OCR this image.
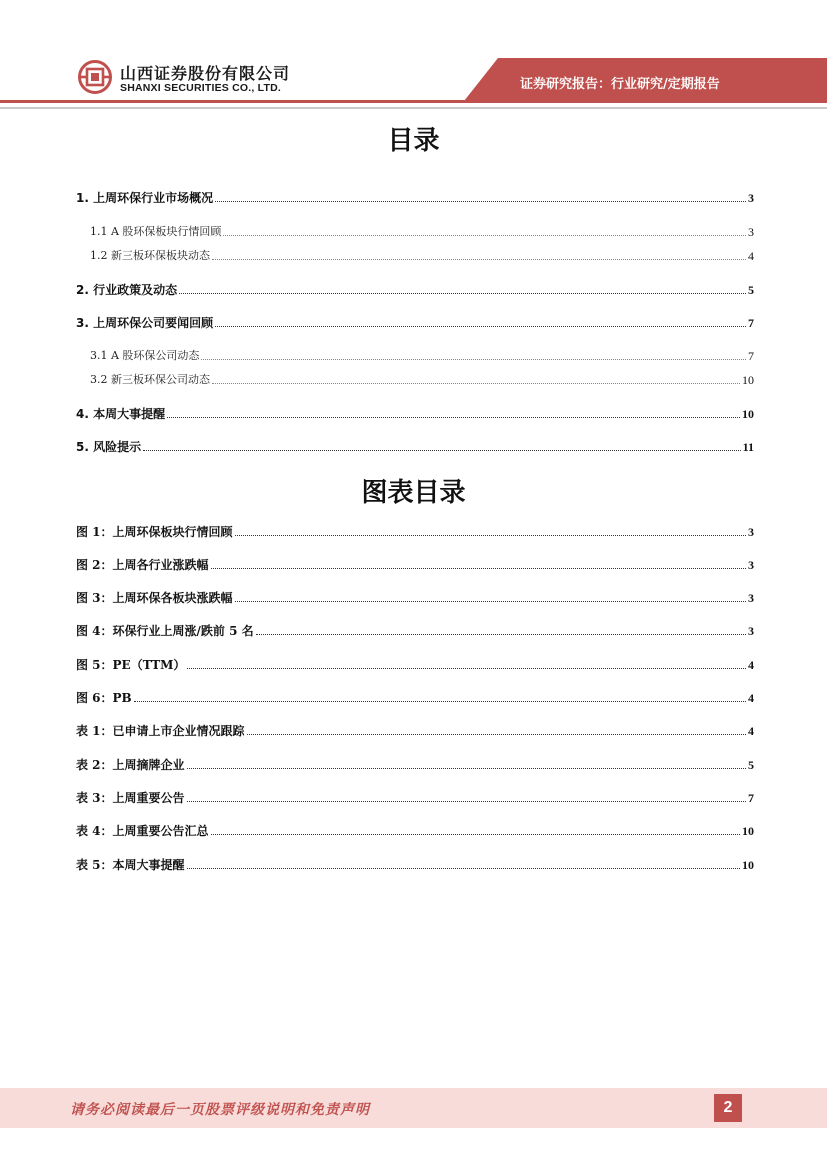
山西证券股份有限公司
SHANXI SECURITIES CO., LTD.	证券研究报告：行业研究/定期报告
目录
1. 上周环保行业市场概况	3
1.1 A 股环保板块行情回顾	3
1.2 新三板环保板块动态	4
2. 行业政策及动态	5
3. 上周环保公司要闻回顾	7
3.1 A 股环保公司动态	7
3.2 新三板环保公司动态	10
4. 本周大事提醒	10
5. 风险提示	11
图表目录
图 1：上周环保板块行情回顾	3
图 2：上周各行业涨跌幅	3
图 3：上周环保各板块涨跌幅	3
图 4：环保行业上周涨/跌前 5 名	3
图 5：PE（TTM）	4
图 6：PB	4
表 1：已申请上市企业情况跟踪	4
表 2：上周摘牌企业	5
表 3：上周重要公告	7
表 4：上周重要公告汇总	10
表 5：本周大事提醒	10
请务必阅读最后一页股票评级说明和免责声明	2
